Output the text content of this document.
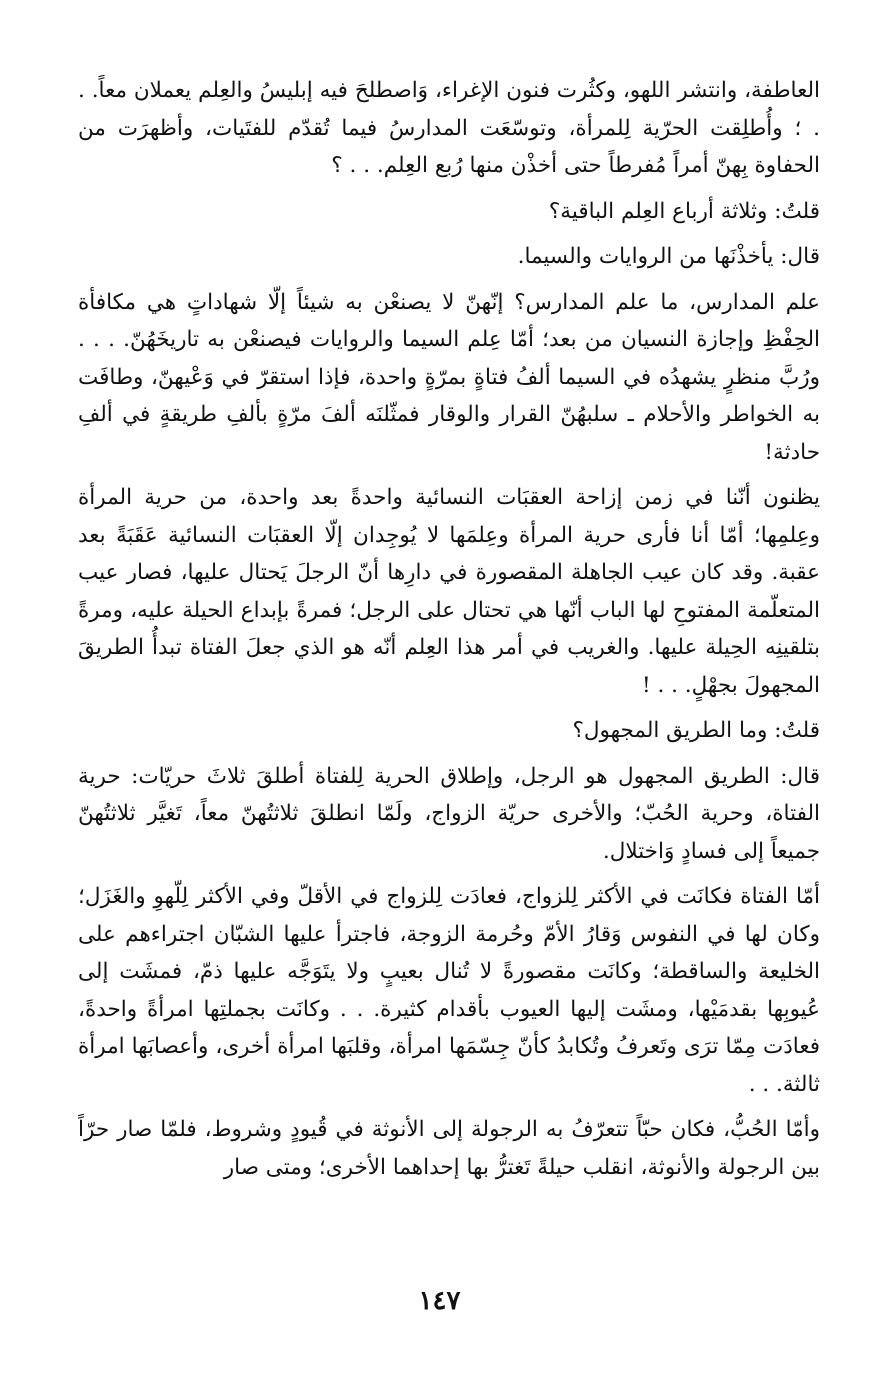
العاطفة، وانتشر اللهو، وكثُرت فنون الإغراء، وَاصطلحَ فيه إبليسُ والعِلم يعملان معاً. . . ؛ وأُطلِقت الحرّية لِلمرأة، وتوسّعَت المدارسُ فيما تُقدّم للفتَيات، وأظهرَت من الحفاوة بِهنّ أمراً مُفرطاً حتى أخذْن منها رُبع العِلم. . . ؟

قلتُ: وثلاثة أرباع العِلم الباقية؟

قال: يأخذْنَها من الروايات والسيما.

علم المدارس، ما علم المدارس؟ إنّهنّ لا يصنعْن به شيئاً إلّا شهاداتٍ هي مكافأة الحِفْظِ وإجازة النسيان من بعد؛ أمّا عِلم السيما والروايات فيصنعْن به تاريخَهُنّ. . . . ورُبَّ منظرٍ يشهدُه في السيما ألفُ فتاةٍ بمرّةٍ واحدة، فإذا استقرّ في وَعْيهنّ، وطافَت به الخواطر والأحلام ـ سلبهُنّ القرار والوقار فمثّلنَه ألفَ مرّةٍ بألفِ طريقةٍ في ألفِ حادثة!

يظنون أنّنا في زمن إزاحة العقبَات النسائية واحدةً بعد واحدة، من حرية المرأة وعِلمِها؛ أمّا أنا فأرى حرية المرأة وعِلمَها لا يُوجِدان إلّا العقبَات النسائية عَقَبَةً بعد عقبة. وقد كان عيب الجاهلة المقصورة في دارِها أنّ الرجلَ يَحتال عليها، فصار عيب المتعلّمة المفتوحِ لها الباب أنّها هي تحتال على الرجل؛ فمرةً بإبداع الحيلة عليه، ومرةً بتلقينِه الحِيلة عليها. والغريب في أمر هذا العِلم أنّه هو الذي جعلَ الفتاة تبدأُ الطريقَ المجهولَ بجهْلٍ. . . !

قلتُ: وما الطريق المجهول؟

قال: الطريق المجهول هو الرجل، وإطلاق الحرية لِلفتاة أطلقَ ثلاثَ حريّات: حرية الفتاة، وحرية الحُبّ؛ والأخرى حريّة الزواج، ولَمّا انطلقَ ثلاثتُهنّ معاً، تَغيَّر ثلاثتُهنّ جميعاً إلى فسادٍ وَاختلال.

أمّا الفتاة فكانَت في الأكثر لِلزواج، فعادَت لِلزواج في الأقلّ وفي الأكثر لِلّهوِ والغَزَل؛ وكان لها في النفوس وَقارُ الأمّ وحُرمة الزوجة، فاجترأ عليها الشبّان اجتراءهم على الخليعة والساقطة؛ وكانَت مقصورةً لا تُنال بعيبٍ ولا يتَوَجَّه عليها ذمّ، فمشَت إلى عُيوبِها بقدمَيْها، ومشَت إليها العيوب بأقدام كثيرة. . . وكانَت بجملتِها امرأةً واحدةً، فعادَت مِمّا ترَى وتَعرفُ وتُكابدُ كأنّ جِسّمَها امرأة، وقلبَها امرأة أخرى، وأعصابَها امرأة ثالثة. . .

وأمّا الحُبُّ، فكان حبّاً تتعرّفُ به الرجولة إلى الأنوثة في قُيودٍ وشروط، فلمّا صار حرّاً بين الرجولة والأنوثة، انقلب حيلةً تَغترُّ بها إحداهما الأخرى؛ ومتى صار

١٤٧
